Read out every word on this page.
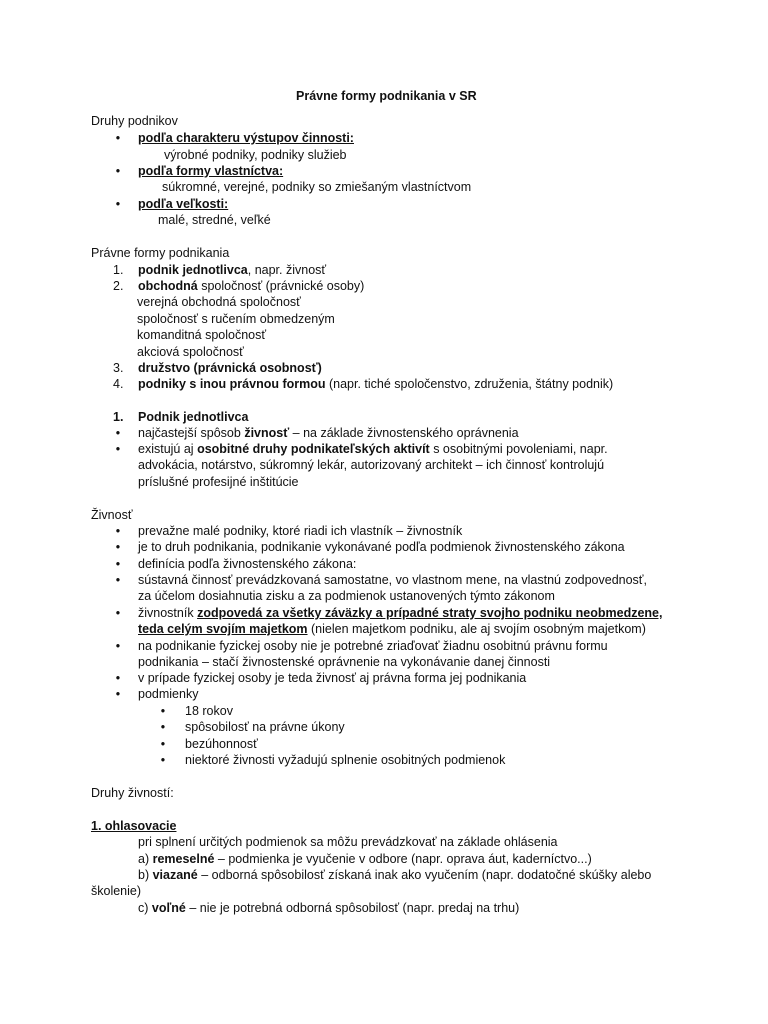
Právne formy podnikania v SR
Druhy podnikov
• podľa charakteru výstupov činnosti:
výrobné podniky, podniky služieb
• podľa formy vlastníctva:
súkromné, verejné, podniky so zmiešaným vlastníctvom
• podľa veľkosti:
malé, stredné, veľké
Právne formy podnikania
1. podnik jednotlivca, napr. živnosť
2. obchodná spoločnosť (právnické osoby)
verejná obchodná spoločnosť
spoločnosť s ručením obmedzeným
komanditná spoločnosť
akciová spoločnosť
3. družstvo (právnická osobnosť)
4. podniky s inou právnou formou (napr. tiché spoločenstvo, združenia, štátny podnik)
1. Podnik jednotlivca
• najčastejší spôsob živnosť – na základe živnostenského oprávnenia
• existujú aj osobitné druhy podnikateľských aktivít s osobitnými povoleniami, napr.
advokácia, notárstvo, súkromný lekár, autorizovaný architekt – ich činnosť kontrolujú
príslušné profesijné inštitúcie
Živnosť
• prevažne malé podniky, ktoré riadi ich vlastník – živnostník
• je to druh podnikania, podnikanie vykonávané podľa podmienok živnostenského zákona
• definícia podľa živnostenského zákona:
• sústavná činnosť prevádzkovaná samostatne, vo vlastnom mene, na vlastnú zodpovednosť,
za účelom dosiahnutia zisku a za podmienok ustanovených týmto zákonom
• živnostník zodpovedá za všetky záväzky a prípadné straty svojho podniku neobmedzene,
teda celým svojím majetkom (nielen majetkom podniku, ale aj svojím osobným majetkom)
• na podnikanie fyzickej osoby nie je potrebné zriaďovať žiadnu osobitnú právnu formu
podnikania – stačí živnostenské oprávnenie na vykonávanie danej činnosti
• v prípade fyzickej osoby je teda živnosť aj právna forma jej podnikania
• podmienky
• 18 rokov
• spôsobilosť na právne úkony
• bezúhonnosť
• niektoré živnosti vyžadujú splnenie osobitných podmienok
Druhy živností:
1. ohlasovacie
pri splnení určitých podmienok sa môžu prevádzkovať na základe ohlásenia
a) remeselné – podmienka je vyučenie v odbore (napr. oprava áut, kaderníctvo...)
b) viazané – odborná spôsobilosť získaná inak ako vyučením (napr. dodatočné skúšky alebo
školenie)
c) voľné – nie je potrebná odborná spôsobilosť (napr. predaj na trhu)
